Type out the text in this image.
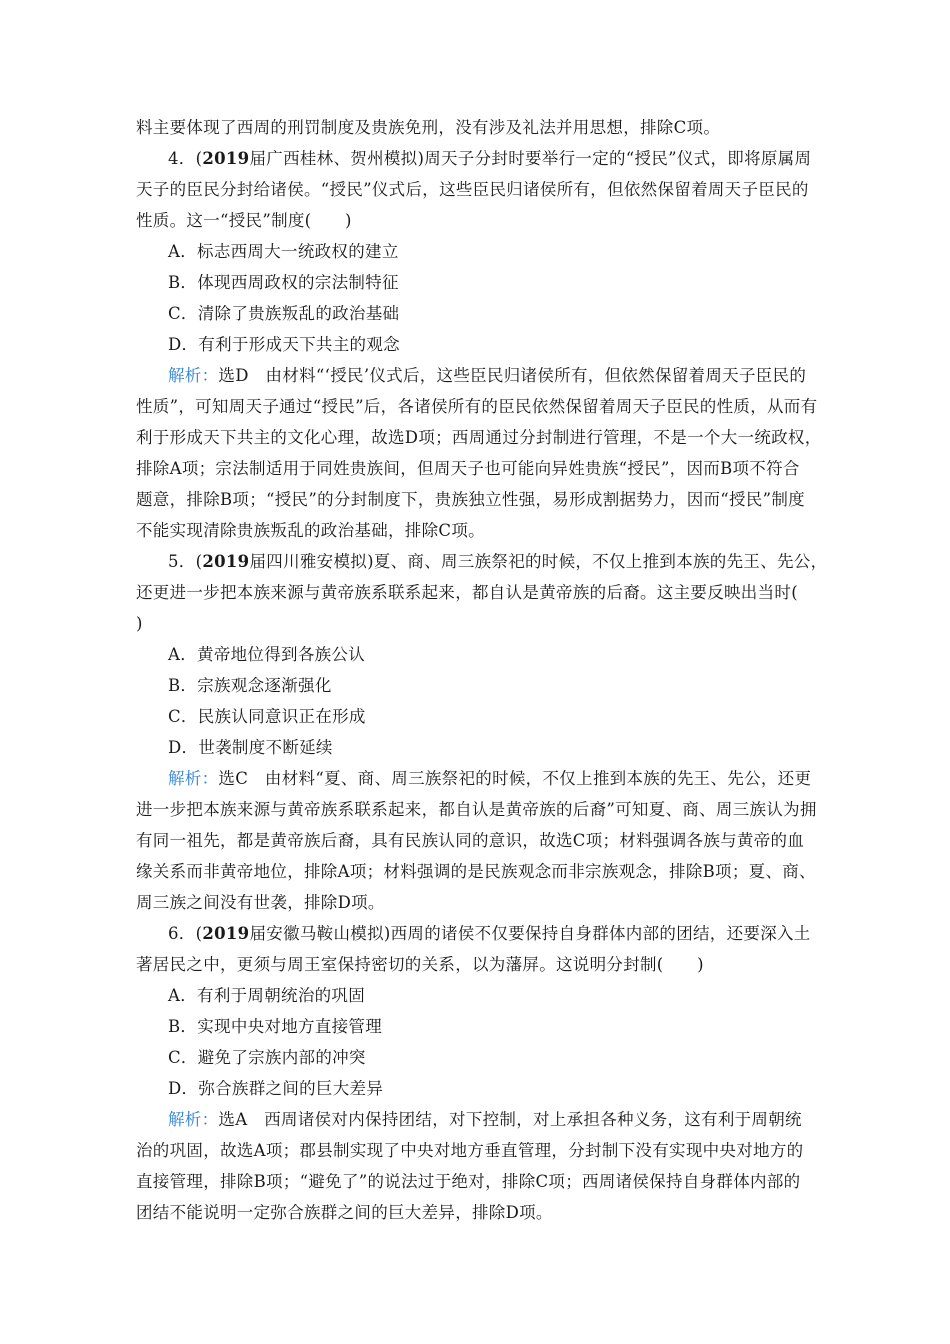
料主要体现了西周的刑罚制度及贵族免刑，没有涉及礼法并用思想，排除C项。
4．(2019届广西桂林、贺州模拟)周天子分封时要举行一定的“授民”仪式，即将原属周
天子的臣民分封给诸侯。“授民”仪式后，这些臣民归诸侯所有，但依然保留着周天子臣民的
性质。这一“授民”制度(　　)
A．标志西周大一统政权的建立
B．体现西周政权的宗法制特征
C．清除了贵族叛乱的政治基础
D．有利于形成天下共主的观念
解析：选D　由材料“‘授民’仪式后，这些臣民归诸侯所有，但依然保留着周天子臣民的
性质”，可知周天子通过“授民”后，各诸侯所有的臣民依然保留着周天子臣民的性质，从而有
利于形成天下共主的文化心理，故选D项；西周通过分封制进行管理，不是一个大一统政权，
排除A项；宗法制适用于同姓贵族间，但周天子也可能向异姓贵族“授民”，因而B项不符合
题意，排除B项；“授民”的分封制度下，贵族独立性强，易形成割据势力，因而“授民”制度
不能实现清除贵族叛乱的政治基础，排除C项。
5．(2019届四川雅安模拟)夏、商、周三族祭祀的时候，不仅上推到本族的先王、先公，
还更进一步把本族来源与黄帝族系联系起来，都自认是黄帝族的后裔。这主要反映出当时(
)
A．黄帝地位得到各族公认
B．宗族观念逐渐强化
C．民族认同意识正在形成
D．世袭制度不断延续
解析：选C　由材料“夏、商、周三族祭祀的时候，不仅上推到本族的先王、先公，还更
进一步把本族来源与黄帝族系联系起来，都自认是黄帝族的后裔”可知夏、商、周三族认为拥
有同一祖先，都是黄帝族后裔，具有民族认同的意识，故选C项；材料强调各族与黄帝的血
缘关系而非黄帝地位，排除A项；材料强调的是民族观念而非宗族观念，排除B项；夏、商、
周三族之间没有世袭，排除D项。
6．(2019届安徽马鞍山模拟)西周的诸侯不仅要保持自身群体内部的团结，还要深入土
著居民之中，更须与周王室保持密切的关系，以为藩屏。这说明分封制(　　)
A．有利于周朝统治的巩固
B．实现中央对地方直接管理
C．避免了宗族内部的冲突
D．弥合族群之间的巨大差异
解析：选A　西周诸侯对内保持团结，对下控制，对上承担各种义务，这有利于周朝统
治的巩固，故选A项；郡县制实现了中央对地方垂直管理，分封制下没有实现中央对地方的
直接管理，排除B项；“避免了”的说法过于绝对，排除C项；西周诸侯保持自身群体内部的
团结不能说明一定弥合族群之间的巨大差异，排除D项。
